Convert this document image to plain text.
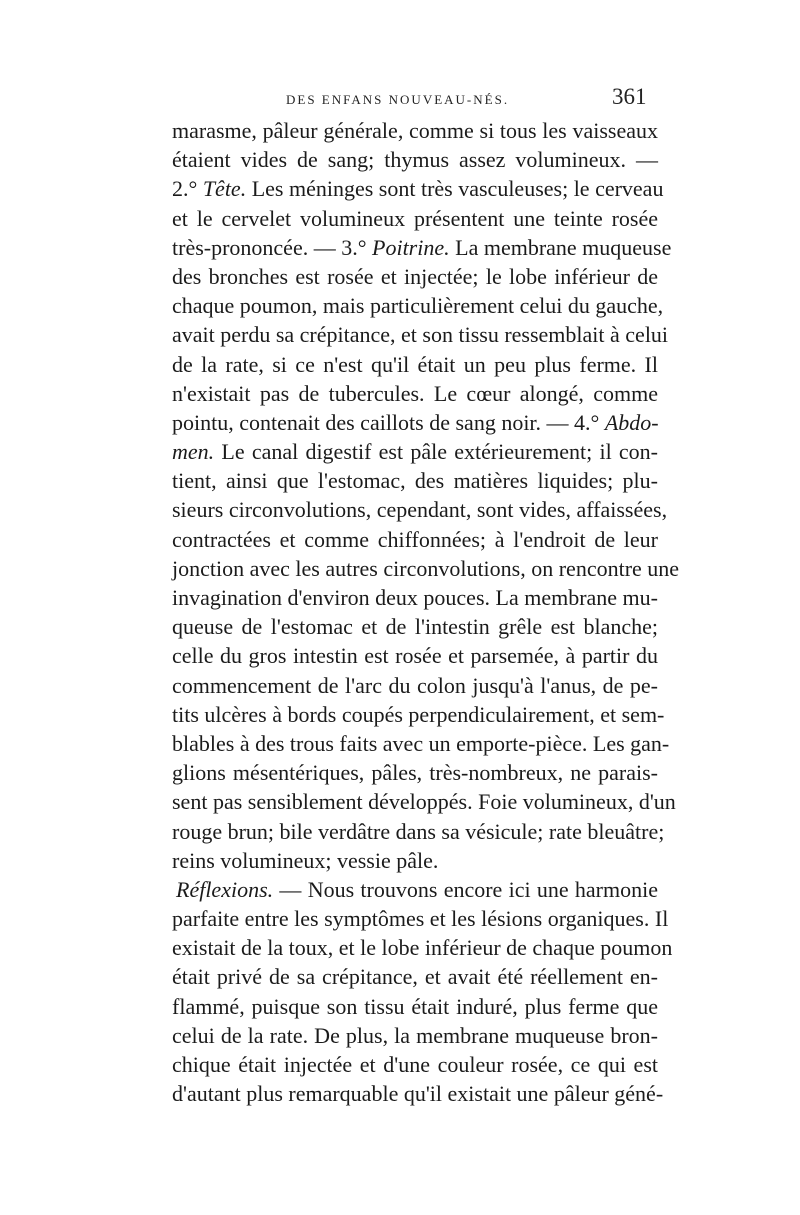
DES ENFANS NOUVEAU-NÉS.	361
marasme, pâleur générale, comme si tous les vaisseaux
étaient vides de sang; thymus assez volumineux. —
2.° Tête. Les méninges sont très vasculeuses; le cerveau
et le cervelet volumineux présentent une teinte rosée
très-prononcée. — 3.° Poitrine. La membrane muqueuse
des bronches est rosée et injectée; le lobe inférieur de
chaque poumon, mais particulièrement celui du gauche,
avait perdu sa crépitance, et son tissu ressemblait à celui
de la rate, si ce n'est qu'il était un peu plus ferme. Il
n'existait pas de tubercules. Le cœur alongé, comme
pointu, contenait des caillots de sang noir. — 4.° Abdo-
men. Le canal digestif est pâle extérieurement; il con-
tient, ainsi que l'estomac, des matières liquides; plu-
sieurs circonvolutions, cependant, sont vides, affaissées,
contractées et comme chiffonnées; à l'endroit de leur
jonction avec les autres circonvolutions, on rencontre une
invagination d'environ deux pouces. La membrane mu-
queuse de l'estomac et de l'intestin grêle est blanche;
celle du gros intestin est rosée et parsemée, à partir du
commencement de l'arc du colon jusqu'à l'anus, de pe-
tits ulcères à bords coupés perpendiculairement, et sem-
blables à des trous faits avec un emporte-pièce. Les gan-
glions mésentériques, pâles, très-nombreux, ne parais-
sent pas sensiblement développés. Foie volumineux, d'un
rouge brun; bile verdâtre dans sa vésicule; rate bleuâtre;
reins volumineux; vessie pâle.
Réflexions. — Nous trouvons encore ici une harmonie
parfaite entre les symptômes et les lésions organiques. Il
existait de la toux, et le lobe inférieur de chaque poumon
était privé de sa crépitance, et avait été réellement en-
flammé, puisque son tissu était induré, plus ferme que
celui de la rate. De plus, la membrane muqueuse bron-
chique était injectée et d'une couleur rosée, ce qui est
d'autant plus remarquable qu'il existait une pâleur géné-
